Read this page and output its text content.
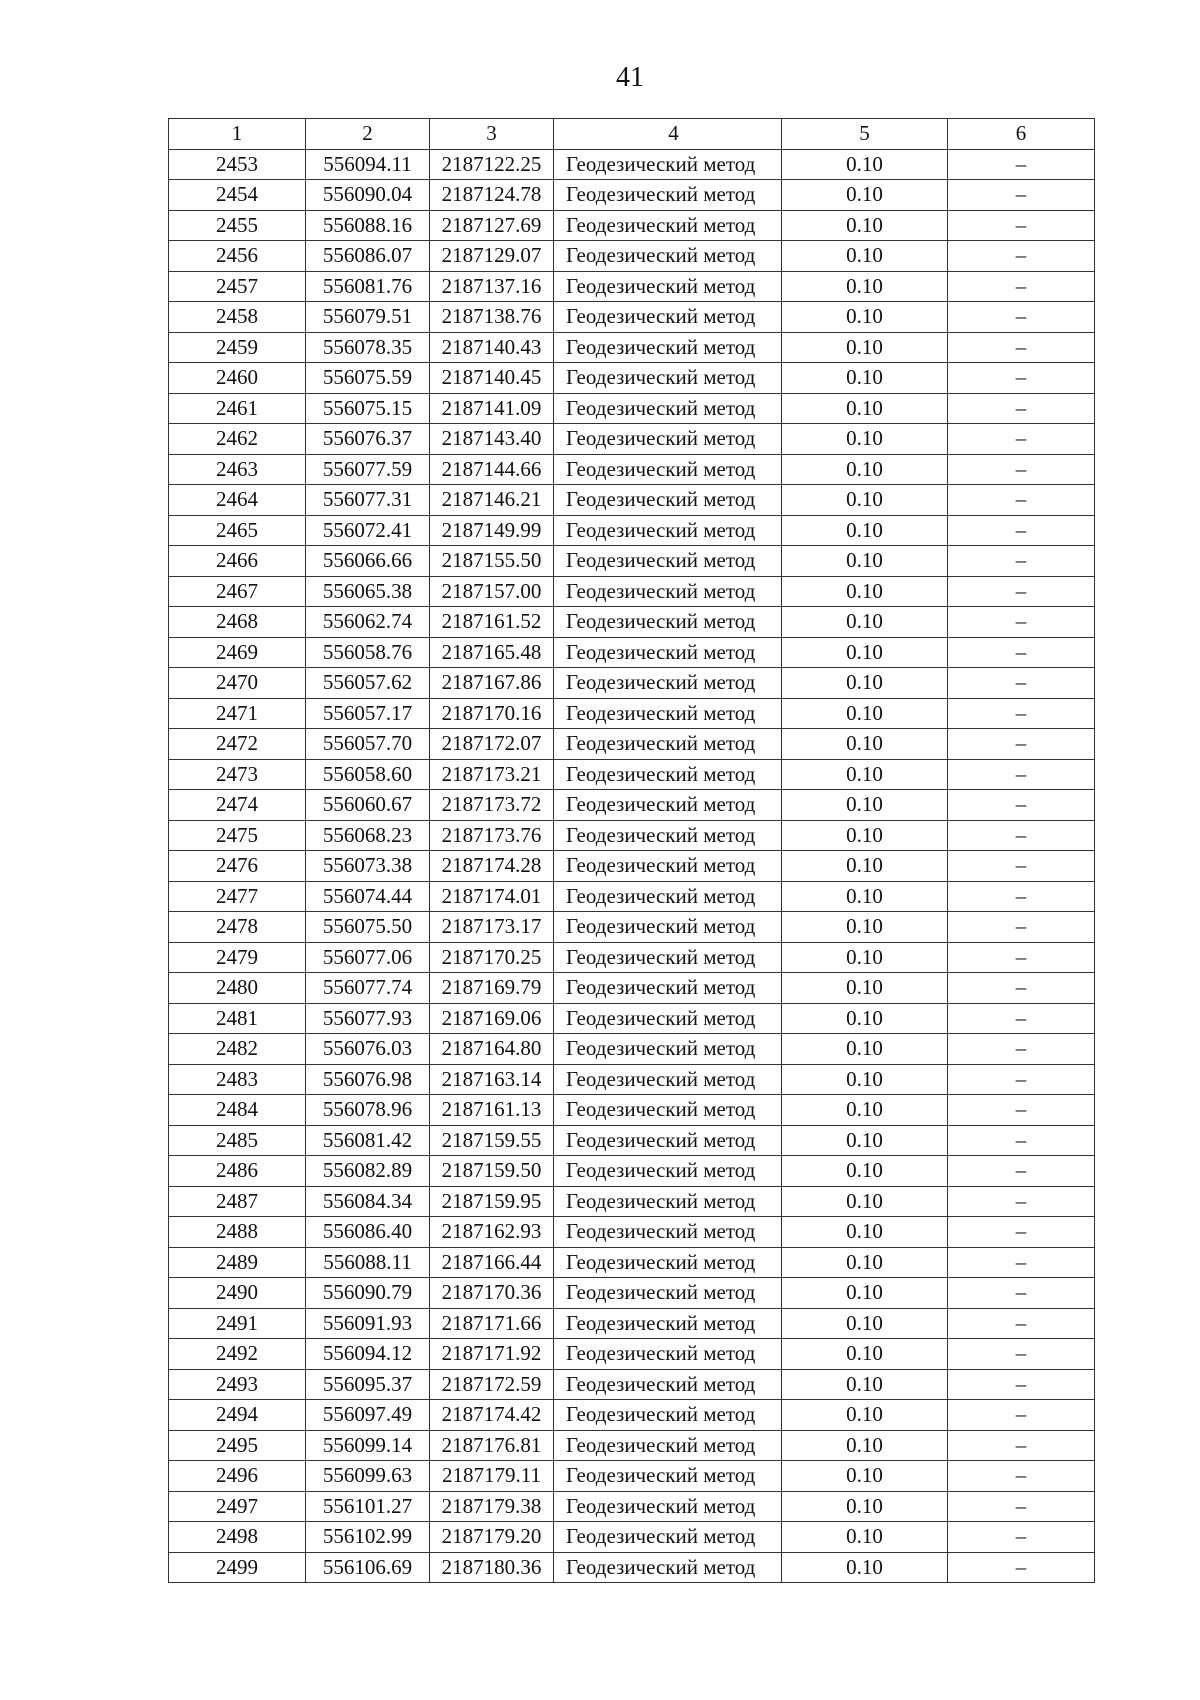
41
1	2	3	4	5	6
2453	556094.11	2187122.25	Геодезический метод	0.10	–
2454	556090.04	2187124.78	Геодезический метод	0.10	–
2455	556088.16	2187127.69	Геодезический метод	0.10	–
2456	556086.07	2187129.07	Геодезический метод	0.10	–
2457	556081.76	2187137.16	Геодезический метод	0.10	–
2458	556079.51	2187138.76	Геодезический метод	0.10	–
2459	556078.35	2187140.43	Геодезический метод	0.10	–
2460	556075.59	2187140.45	Геодезический метод	0.10	–
2461	556075.15	2187141.09	Геодезический метод	0.10	–
2462	556076.37	2187143.40	Геодезический метод	0.10	–
2463	556077.59	2187144.66	Геодезический метод	0.10	–
2464	556077.31	2187146.21	Геодезический метод	0.10	–
2465	556072.41	2187149.99	Геодезический метод	0.10	–
2466	556066.66	2187155.50	Геодезический метод	0.10	–
2467	556065.38	2187157.00	Геодезический метод	0.10	–
2468	556062.74	2187161.52	Геодезический метод	0.10	–
2469	556058.76	2187165.48	Геодезический метод	0.10	–
2470	556057.62	2187167.86	Геодезический метод	0.10	–
2471	556057.17	2187170.16	Геодезический метод	0.10	–
2472	556057.70	2187172.07	Геодезический метод	0.10	–
2473	556058.60	2187173.21	Геодезический метод	0.10	–
2474	556060.67	2187173.72	Геодезический метод	0.10	–
2475	556068.23	2187173.76	Геодезический метод	0.10	–
2476	556073.38	2187174.28	Геодезический метод	0.10	–
2477	556074.44	2187174.01	Геодезический метод	0.10	–
2478	556075.50	2187173.17	Геодезический метод	0.10	–
2479	556077.06	2187170.25	Геодезический метод	0.10	–
2480	556077.74	2187169.79	Геодезический метод	0.10	–
2481	556077.93	2187169.06	Геодезический метод	0.10	–
2482	556076.03	2187164.80	Геодезический метод	0.10	–
2483	556076.98	2187163.14	Геодезический метод	0.10	–
2484	556078.96	2187161.13	Геодезический метод	0.10	–
2485	556081.42	2187159.55	Геодезический метод	0.10	–
2486	556082.89	2187159.50	Геодезический метод	0.10	–
2487	556084.34	2187159.95	Геодезический метод	0.10	–
2488	556086.40	2187162.93	Геодезический метод	0.10	–
2489	556088.11	2187166.44	Геодезический метод	0.10	–
2490	556090.79	2187170.36	Геодезический метод	0.10	–
2491	556091.93	2187171.66	Геодезический метод	0.10	–
2492	556094.12	2187171.92	Геодезический метод	0.10	–
2493	556095.37	2187172.59	Геодезический метод	0.10	–
2494	556097.49	2187174.42	Геодезический метод	0.10	–
2495	556099.14	2187176.81	Геодезический метод	0.10	–
2496	556099.63	2187179.11	Геодезический метод	0.10	–
2497	556101.27	2187179.38	Геодезический метод	0.10	–
2498	556102.99	2187179.20	Геодезический метод	0.10	–
2499	556106.69	2187180.36	Геодезический метод	0.10	–
